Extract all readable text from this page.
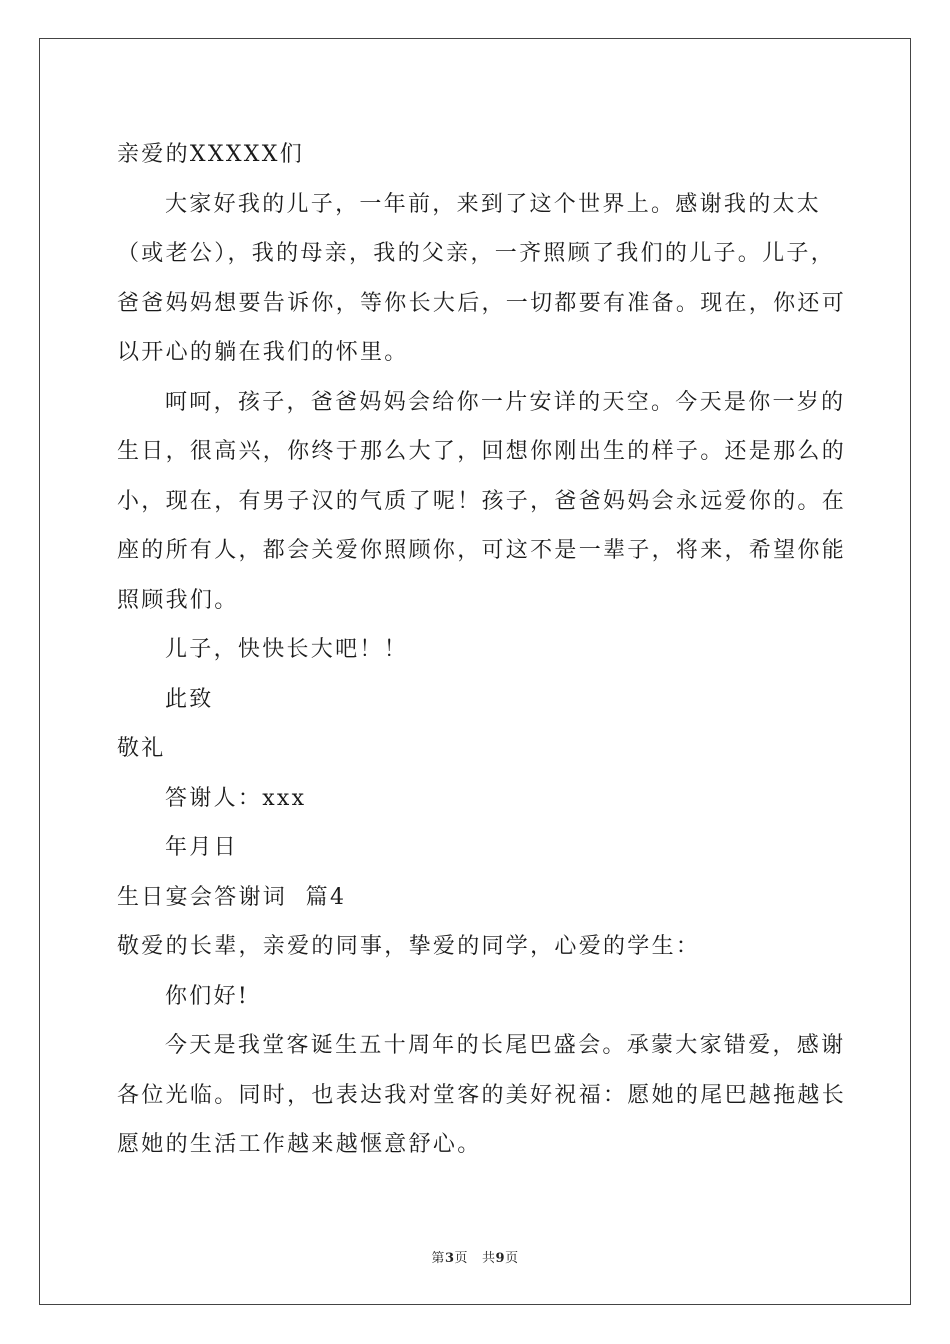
亲爱的XXXXX们
大家好我的儿子，一年前，来到了这个世界上。感谢我的太太
（或老公），我的母亲，我的父亲，一齐照顾了我们的儿子。儿子，
爸爸妈妈想要告诉你，等你长大后，一切都要有准备。现在，你还可
以开心的躺在我们的怀里。
呵呵，孩子，爸爸妈妈会给你一片安详的天空。今天是你一岁的
生日，很高兴，你终于那么大了，回想你刚出生的样子。还是那么的
小，现在，有男子汉的气质了呢！孩子，爸爸妈妈会永远爱你的。在
座的所有人，都会关爱你照顾你，可这不是一辈子，将来，希望你能
照顾我们。
儿子，快快长大吧！！
此致
敬礼
答谢人：xxx
年月日
生日宴会答谢词  篇4
敬爱的长辈，亲爱的同事，挚爱的同学，心爱的学生：
你们好!
今天是我堂客诞生五十周年的长尾巴盛会。承蒙大家错爱，感谢
各位光临。同时，也表达我对堂客的美好祝福：愿她的尾巴越拖越长
愿她的生活工作越来越惬意舒心。
第3页 共9页
